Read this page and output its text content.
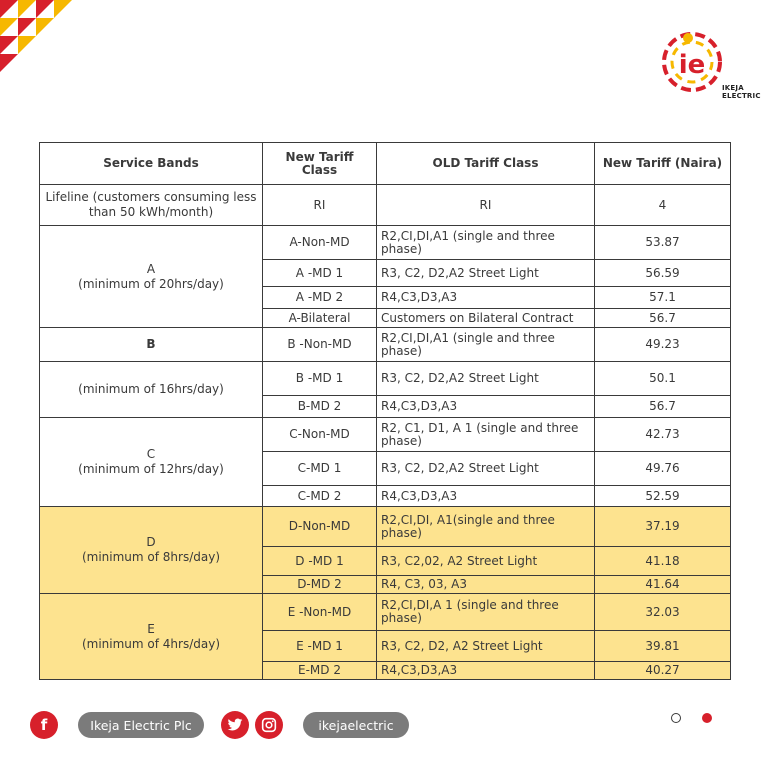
ie
IKEJA
ELECTRIC
Service Bands	New Tariff Class	OLD Tariff Class	New Tariff (Naira)
Lifeline (customers consuming less than 50 kWh/month)	RI	RI	4

A
(minimum of 20hrs/day)	A-Non-MD	R2,CI,DI,A1 (single and three phase)	53.87
	A -MD 1	R3, C2, D2,A2 Street Light	56.59
	A -MD 2	R4,C3,D3,A3	57.1
	A-Bilateral	Customers on Bilateral Contract	56.7
B	B -Non-MD	R2,CI,DI,A1 (single and three phase)	49.23
(minimum of 16hrs/day)	B -MD 1	R3, C2, D2,A2 Street Light	50.1
	B-MD 2	R4,C3,D3,A3	56.7

C
(minimum of 12hrs/day)	C-Non-MD	R2, C1, D1, A 1 (single and three phase)	42.73
	C-MD 1	R3, C2, D2,A2 Street Light	49.76
	C-MD 2	R4,C3,D3,A3	52.59

D
(minimum of 8hrs/day)	D-Non-MD	R2,CI,DI, A1(single and three phase)	37.19
	D -MD 1	R3, C2,02, A2 Street Light	41.18
	D-MD 2	R4, C3, 03, A3	41.64

E
(minimum of 4hrs/day)	E -Non-MD	R2,CI,DI,A 1 (single and three phase)	32.03
	E -MD 1	R3, C2, D2, A2 Street Light	39.81
	E-MD 2	R4,C3,D3,A3	40.27
f	Ikeja Electric Plc	ikejaelectric
